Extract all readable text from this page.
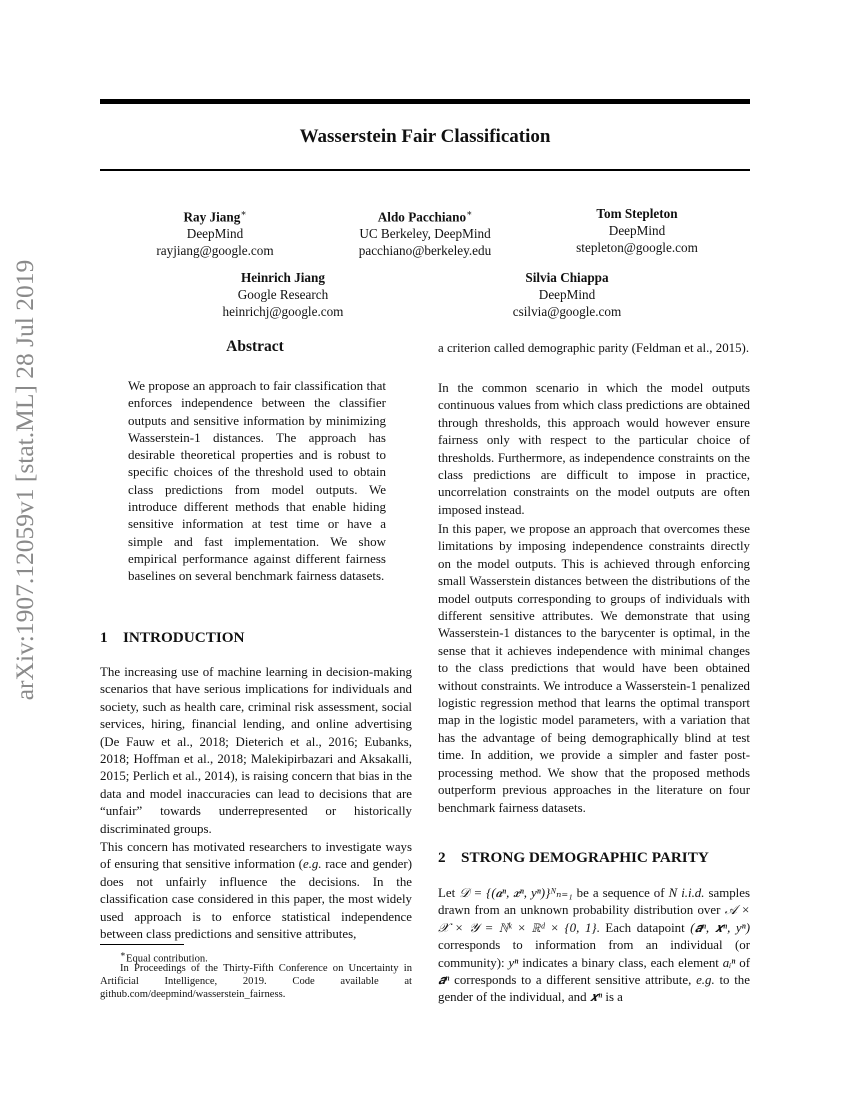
arXiv:1907.12059v1 [stat.ML] 28 Jul 2019
Wasserstein Fair Classification
Ray Jiang∗
DeepMind
rayjiang@google.com
Aldo Pacchiano∗
UC Berkeley, DeepMind
pacchiano@berkeley.edu
Tom Stepleton
DeepMind
stepleton@google.com
Heinrich Jiang
Google Research
heinrichj@google.com
Silvia Chiappa
DeepMind
csilvia@google.com
Abstract

We propose an approach to fair classification that enforces independence between the classifier outputs and sensitive information by minimizing Wasserstein-1 distances. The approach has desirable theoretical properties and is robust to specific choices of the threshold used to obtain class predictions from model outputs. We introduce different methods that enable hiding sensitive information at test time or have a simple and fast implementation. We show empirical performance against different fairness baselines on several benchmark fairness datasets.

1 INTRODUCTION

The increasing use of machine learning in decision-making scenarios that have serious implications for individuals and society, such as health care, criminal risk assessment, social services, hiring, financial lending, and online advertising (De Fauw et al., 2018; Dieterich et al., 2016; Eubanks, 2018; Hoffman et al., 2018; Malekipirbazari and Aksakalli, 2015; Perlich et al., 2014), is raising concern that bias in the data and model inaccuracies can lead to decisions that are “unfair” towards underrepresented or historically discriminated groups.

This concern has motivated researchers to investigate ways of ensuring that sensitive information (e.g. race and gender) does not unfairly influence the decisions. In the classification case considered in this paper, the most widely used approach is to enforce statistical independence between class predictions and sensitive attributes,

∗Equal contribution.

In Proceedings of the Thirty-Fifth Conference on Uncertainty in Artificial Intelligence, 2019. Code available at github.com/deepmind/wasserstein_fairness.

a criterion called demographic parity (Feldman et al., 2015).

In the common scenario in which the model outputs continuous values from which class predictions are obtained through thresholds, this approach would however ensure fairness only with respect to the particular choice of thresholds. Furthermore, as independence constraints on the class predictions are difficult to impose in practice, uncorrelation constraints on the model outputs are often imposed instead.

In this paper, we propose an approach that overcomes these limitations by imposing independence constraints directly on the model outputs. This is achieved through enforcing small Wasserstein distances between the distributions of the model outputs corresponding to groups of individuals with different sensitive attributes. We demonstrate that using Wasserstein-1 distances to the barycenter is optimal, in the sense that it achieves independence with minimal changes to the class predictions that would have been obtained without constraints. We introduce a Wasserstein-1 penalized logistic regression method that learns the optimal transport map in the logistic model parameters, with a variation that has the advantage of being demographically blind at test time. In addition, we provide a simpler and faster post-processing method. We show that the proposed methods outperform previous approaches in the literature on four benchmark fairness datasets.

2 STRONG DEMOGRAPHIC PARITY

Let 𝒟 = {(𝒂ⁿ, 𝒙ⁿ, yⁿ)}ᴺₙ₌₁ be a sequence of N i.i.d. samples drawn from an unknown probability distribution over 𝒜 × 𝒳 × 𝒴 = ℕᵏ × ℝᵈ × {0, 1}. Each datapoint (𝒂ⁿ, 𝒙ⁿ, yⁿ) corresponds to information from an individual (or community): yⁿ indicates a binary class, each element aᵢⁿ of 𝒂ⁿ corresponds to a different sensitive attribute, e.g. to the gender of the individual, and 𝒙ⁿ is a
